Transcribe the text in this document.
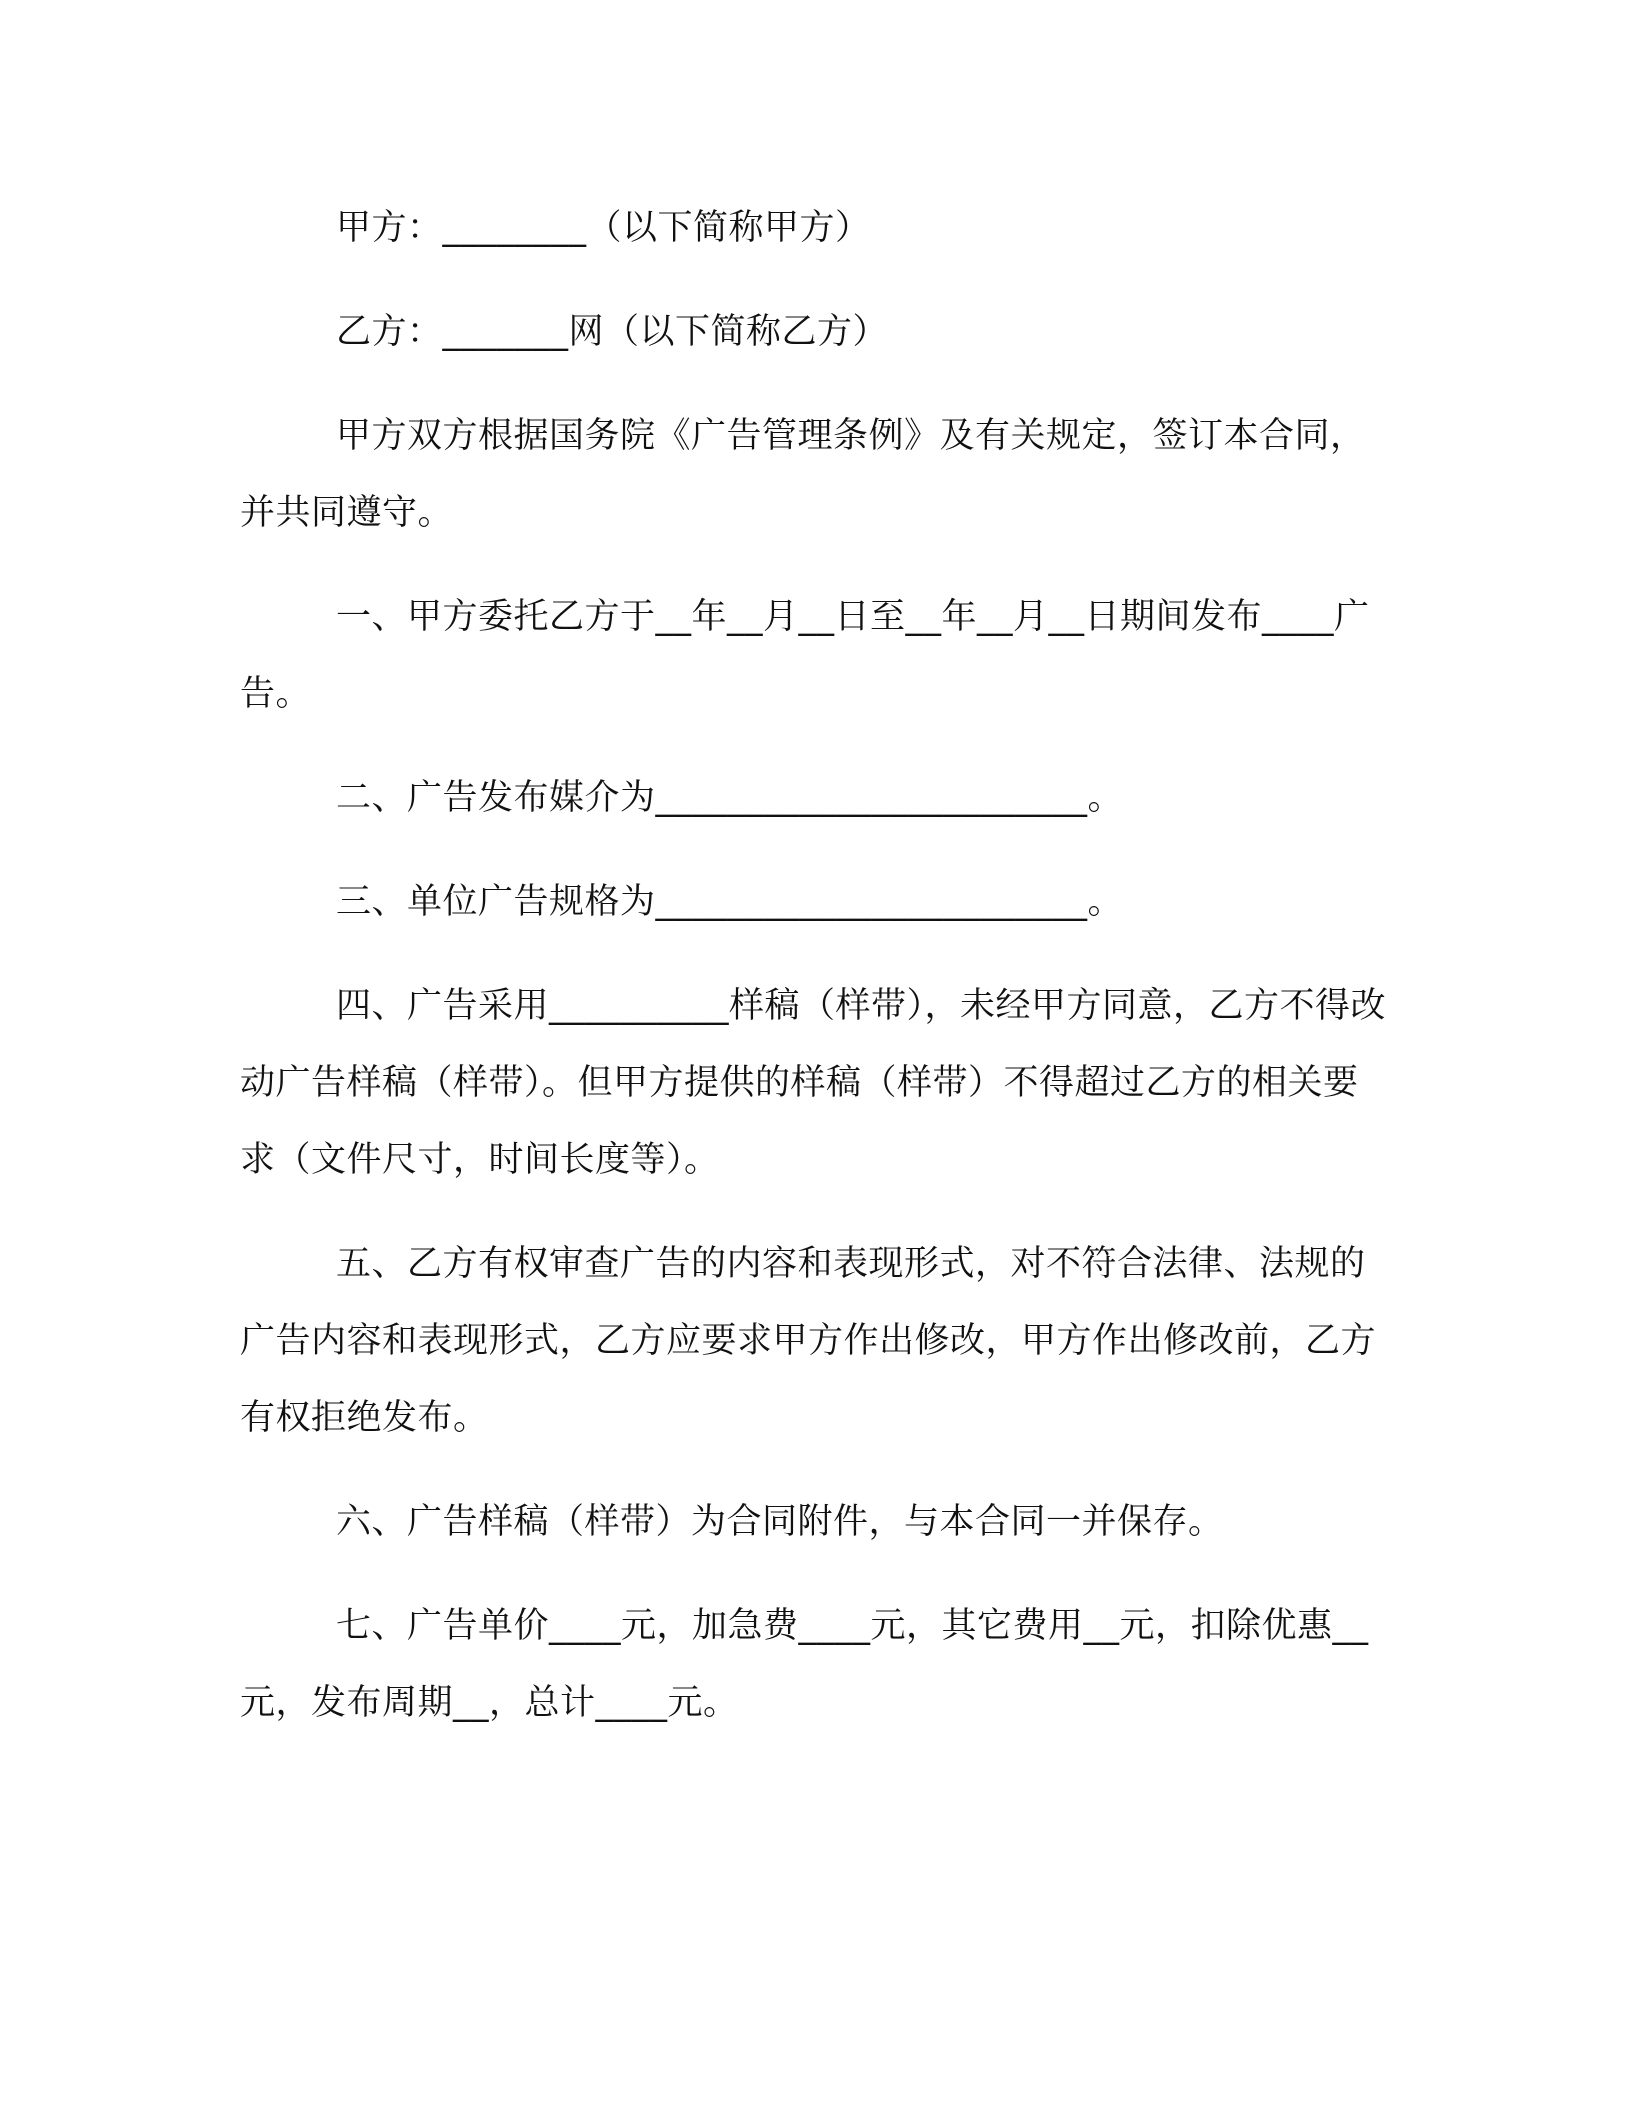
甲方：________（以下简称甲方）

乙方：_______网（以下简称乙方）

甲方双方根据国务院《广告管理条例》及有关规定，签订本合同，并共同遵守。

一、甲方委托乙方于__年__月__日至__年__月__日期间发布____广告。

二、广告发布媒介为________________________。

三、单位广告规格为________________________。

四、广告采用__________样稿（样带），未经甲方同意，乙方不得改动广告样稿（样带）。但甲方提供的样稿（样带）不得超过乙方的相关要求（文件尺寸，时间长度等）。

五、乙方有权审查广告的内容和表现形式，对不符合法律、法规的广告内容和表现形式，乙方应要求甲方作出修改，甲方作出修改前，乙方有权拒绝发布。

六、广告样稿（样带）为合同附件，与本合同一并保存。

七、广告单价____元，加急费____元，其它费用__元，扣除优惠__元，发布周期__，总计____元。
